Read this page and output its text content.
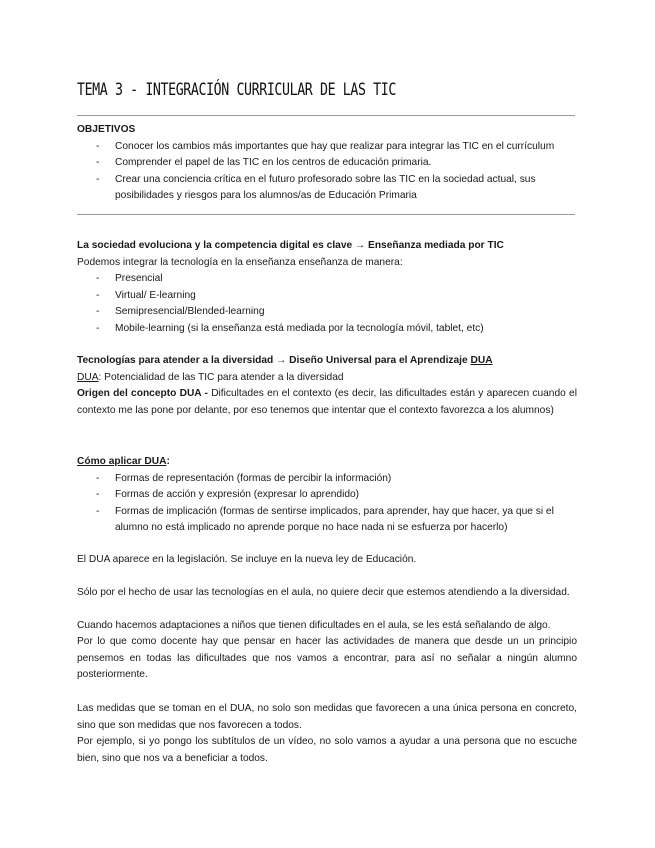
TEMA 3 - INTEGRACIÓN CURRICULAR DE LAS TIC

OBJETIVOS

- Conocer los cambios más importantes que hay que realizar para integrar las TIC en el currículum
- Comprender el papel de las TIC en los centros de educación primaria.
- Crear una conciencia crítica en el futuro profesorado sobre las TIC en la sociedad actual, sus posibilidades y riesgos para los alumnos/as de Educación Primaria

La sociedad evoluciona y la competencia digital es clave → Enseñanza mediada por TIC

Podemos integrar la tecnología en la enseñanza enseñanza de manera:

- Presencial
- Virtual/ E-learning
- Semipresencial/Blended-learning
- Mobile-learning (si la enseñanza está mediada por la tecnología móvil, tablet, etc)

Tecnologías para atender a la diversidad → Diseño Universal para el Aprendizaje DUA

DUA: Potencialidad de las TIC para atender a la diversidad

Origen del concepto DUA - Dificultades en el contexto (es decir, las dificultades están y aparecen cuando el contexto me las pone por delante, por eso tenemos que intentar que el contexto favorezca a los alumnos)

Cómo aplicar DUA:

- Formas de representación (formas de percibir la información)
- Formas de acción y expresión (expresar lo aprendido)
- Formas de implicación (formas de sentirse implicados, para aprender, hay que hacer, ya que si el alumno no está implicado no aprende porque no hace nada ni se esfuerza por hacerlo)
El DUA aparece en la legislación. Se incluye en la nueva ley de Educación.
Sólo por el hecho de usar las tecnologías en el aula, no quiere decir que estemos atendiendo a la diversidad.
Cuando hacemos adaptaciones a niños que tienen dificultades en el aula, se les está señalando de algo.
Por lo que como docente hay que pensar en hacer las actividades de manera que desde un un principio pensemos en todas las dificultades que nos vamos a encontrar, para así no señalar a ningún alumno posteriormente.
Las medidas que se toman en el DUA, no solo son medidas que favorecen a una única persona en concreto, sino que son medidas que nos favorecen a todos.
Por ejemplo, si yo pongo los subtítulos de un vídeo, no solo vamos a ayudar a una persona que no escuche bien, sino que nos va a beneficiar a todos.
